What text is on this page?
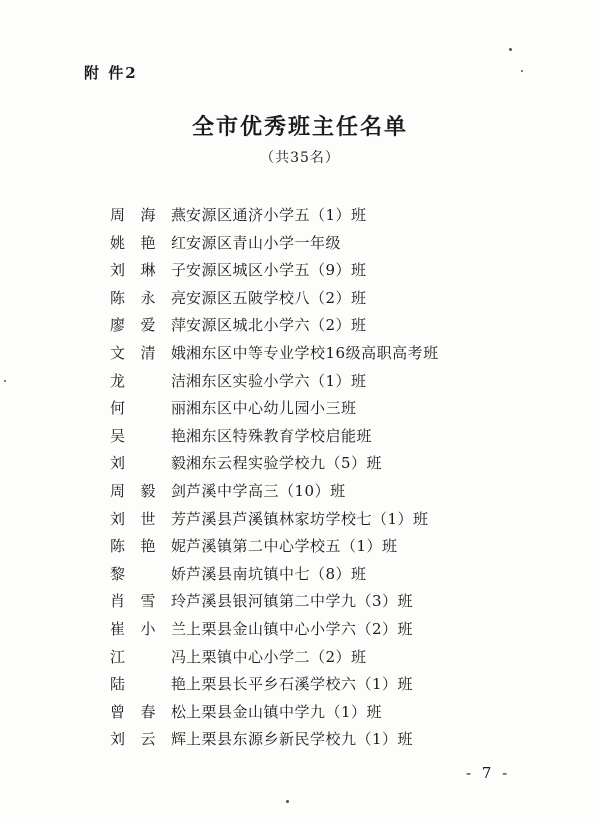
附 件2
全市优秀班主任名单
（共35名）
周海燕 安源区通济小学五（1）班
姚艳红 安源区青山小学一年级
刘琳子 安源区城区小学五（9）班
陈永亮 安源区五陂学校八（2）班
廖爱萍 安源区城北小学六（2）班
文清娥 湘东区中等专业学校16级高职高考班
龙 洁 湘东区实验小学六（1）班
何 丽 湘东区中心幼儿园小三班
吴 艳 湘东区特殊教育学校启能班
刘 毅 湘东云程实验学校九（5）班
周毅剑 芦溪中学高三（10）班
刘世芳 芦溪县芦溪镇林家坊学校七（1）班
陈艳妮 芦溪镇第二中心学校五（1）班
黎 娇 芦溪县南坑镇中七（8）班
肖雪玲 芦溪县银河镇第二中学九（3）班
崔小兰 上栗县金山镇中心小学六（2）班
江 冯 上栗镇中心小学二（2）班
陆 艳 上栗县长平乡石溪学校六（1）班
曾春松 上栗县金山镇中学九（1）班
刘云辉 上栗县东源乡新民学校九（1）班
- 7 -
